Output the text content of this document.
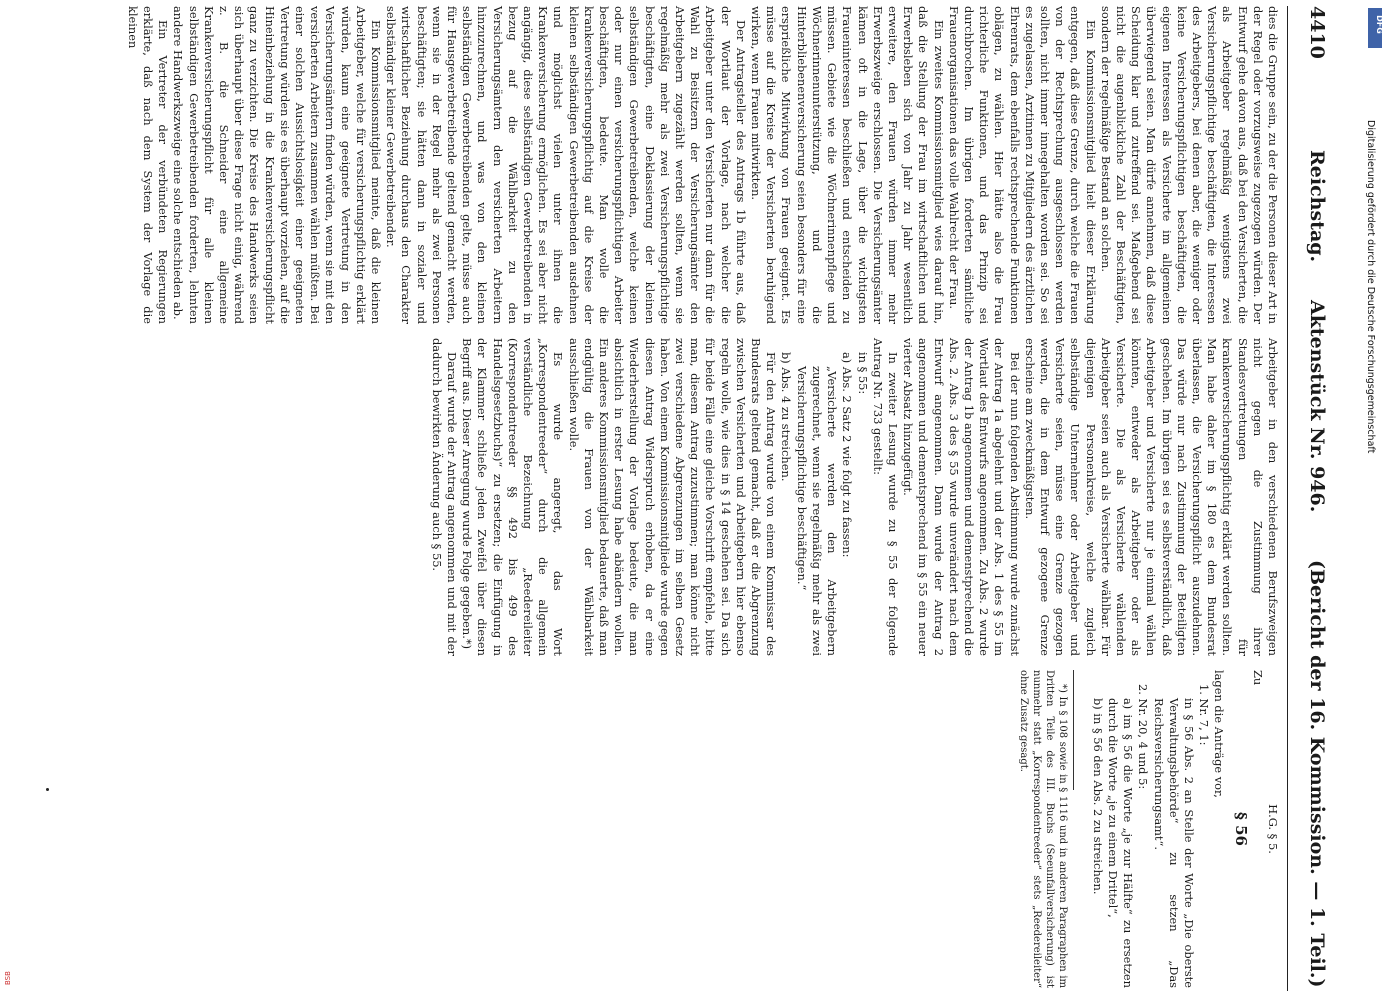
4410
Reichstag.
Aktenstück Nr. 946.
(Bericht der 16. Kommission. — 1. Teil.)

dies die Gruppe sein, zu der die Personen dieser Art in der Regel oder vorzugsweise zugezogen würden. Der Entwurf gehe davon aus, daß bei den Versicherten, die als Arbeitgeber regelmäßig wenigstens zwei Versicherungspflichtige beschäftigten, die Interessen des Arbeitgebers, bei denen aber, die weniger oder keine Versicherungspflichtigen beschäftigten, die eigenen Interessen als Versicherte im allgemeinen überwiegend seien. Man dürfe annehmen, daß diese Scheidung klar und zutreffend sei. Maßgebend sei nicht die augenblickliche Zahl der Beschäftigten, sondern der regelmäßige Bestand an solchen.

Ein Kommissionsmitglied hielt dieser Erklärung entgegen, daß diese Grenze, durch welche die Frauen von der Rechtsprechung ausgeschlossen werden sollten, nicht immer innegehalten worden sei. So sei es zugelassen, Arztinnen zu Mitgliedern des ärztlichen Ehrenrats, dem ebenfalls rechtsprechende Funktionen oblägen, zu wählen. Hier hätte also die Frau richterliche Funktionen, und das Prinzip sei durchbrochen. Im übrigen forderten sämtliche Frauenorganisationen das volle Wahlrecht der Frau.

Ein zweites Kommissionsmitglied wies darauf hin, daß die Stellung der Frau im wirtschaftlichen und Erwerbsleben sich von Jahr zu Jahr wesentlich erweitere, den Frauen würden immer mehr Erwerbszweige erschlossen. Die Versicherungsämter kämen oft in die Lage, über die wichtigsten Fraueninteressen beschließen und entscheiden zu müssen. Gebiete wie die Wöchnerinnenpflege und Wöchnerinnenunterstützung, und die Hinterbliebenenversicherung seien besonders für eine ersprießliche Mitwirkung von Frauen geeignet. Es müsse auf die Kreise der Versicherten beruhigend wirken, wenn Frauen mitwirkten.

Der Antragsteller des Antrags 1b führte aus, daß der Wortlaut der Vorlage, nach welcher die Arbeitgeber unter den Versicherten nur dann für die Wahl zu Beisitzern der Versicherungsämter den Arbeitgebern zugezählt werden sollten, wenn sie regelmäßig mehr als zwei Versicherungspflichtige beschäftigten, eine Deklassierung der kleinen selbständigen Gewerbetreibenden, welche keinen oder nur einen versicherungspflichtigen Arbeiter beschäftigten, bedeute. Man wolle die krankenversicherungspflichtig auf die Kreise der kleinen selbständigen Gewerbetreibenden ausdehnen und möglichst vielen unter ihnen die Krankenversicherung ermöglichen. Es sei aber nicht angängig, diese selbständigen Gewerbetreibenden in bezug auf die Wählbarkeit zu den Versicherungsämtern den versicherten Arbeitern hinzuzurechnen, und was von den kleinen selbständigen Gewerbetreibenden gelte, müsse auch für Hausgewerbetreibende geltend gemacht werden, wenn sie in der Regel mehr als zwei Personen beschäftigten; sie hätten dann in sozialer und wirtschaftlicher Beziehung durchaus den Charakter selbständiger kleiner Gewerbetreibender.

Ein Kommissionsmitglied meinte, daß die kleinen Arbeitgeber, welche für versicherungspflichtig erklärt würden, kaum eine geeignete Vertretung in den Versicherungsämtern finden würden, wenn sie mit den versicherten Arbeitern zusammen wählen müßten. Bei einer solchen Aussichtslosigkeit einer geeigneten Vertretung würden sie es überhaupt vorziehen, auf die Hineinbeziehung in die Krankenversicherungspflicht ganz zu verzichten. Die Kreise des Handwerks seien sich überhaupt über diese Frage nicht einig, während z. B. die Schneider eine allgemeine Krankenversicherungspflicht für alle kleinen selbständigen Gewerbetreibenden forderten, lehnten andere Handwerkszweige eine solche entschieden ab.

Ein Vertreter der verbündeten Regierungen erklärte, daß nach dem System der Vorlage die kleinen

Arbeitgeber in den verschiedenen Berufszweigen nicht gegen die Zustimmung ihrer Standesvertretungen für krankenversicherungspflichtig erklärt werden sollten. Man habe daher im § 180 es dem Bundesrat überlassen, die Versicherungspflicht auszudehnen. Das würde nur nach Zustimmung der Beteiligten geschehen. Im übrigen sei es selbstverständlich, daß Arbeitgeber und Versicherte nur je einmal wählen könnten, entweder als Arbeitgeber oder als Versicherte. Die als Versicherte wählenden Arbeitgeber seien auch als Versicherte wählbar. Für diejenigen Personenkreise, welche zugleich selbständige Unternehmer oder Arbeitgeber und Versicherte seien, müsse eine Grenze gezogen werden, die in dem Entwurf gezogene Grenze erscheine am zweckmäßigsten.

Bei der nun folgenden Abstimmung wurde zunächst der Antrag 1a abgelehnt und der Abs. 1 des § 55 im Wortlaut des Entwurfs angenommen. Zu Abs. 2 wurde der Antrag 1b angenommen und demenstprechend die Abs. 2. Abs. 3 des § 55 wurde unverändert nach dem Entwurf angenommen. Dann wurde der Antrag 2 angenommen und dementsprechend im § 55 ein neuer vierter Absatz hinzugefügt.

In zweiter Lesung wurde zu § 55 der folgende Antrag Nr. 733 gestellt:

in § 55:

a) Abs. 2 Satz 2 wie folgt zu fassen:

„Versicherte werden den Arbeitgebern zugerechnet, wenn sie regelmäßig mehr als zwei Versicherungspflichtige beschäftigen.“

b) Abs. 4 zu streichen.

Für den Antrag wurde von einem Kommissar des Bundesrats geltend gemacht, daß er die Abgrenzung zwischen Versicherten und Arbeitgebern hier ebenso regeln wolle, wie dies in § 14 geschehen sei. Da sich für beide Fälle eine gleiche Vorschrift empfehle, bitte man, diesem Antrag zuzustimmen; man könne nicht zwei verschiedene Abgrenzungen im selben Gesetz haben. Von einem Kommissionsmitgliede wurde gegen diesen Antrag Widerspruch erhoben, da er eine Wiederherstellung der Vorlage bedeute, die man absichtlich in erster Lesung habe abändern wollen. Ein anderes Kommissionsmitglied bedauerte, daß man endgültig die Frauen von der Wählbarkeit ausschließen wolle.

Es wurde angeregt, das Wort „Korrespondentreeder“ durch die allgemein verständliche Bezeichnung „Reedereileiter (Korrespondentreeder §§ 492 bis 499 des Handelsgesetzbuchs)“ zu ersetzen; die Einfügung in der Klammer schließe jeden Zweifel über diesen Begriff aus. Dieser Anregung wurde Folge gegeben.*)

Darauf wurde der Antrag angenommen und mit der dadurch bewirkten Änderung auch § 55.

H.G. § 5.

Zu

§ 56

lagen die Anträge vor,

1. Nr. 7, 1:

in § 56 Abs. 2 an Stelle der Worte „Die oberste Verwaltungsbehörde“ zu setzen „Das Reichsversicherungsamt“.

2. Nr. 20, 4 und 5:

a) im § 56 die Worte „je zur Hälfte“ zu ersetzen durch die Worte „je zu einem Drittel“,

b) in § 56 den Abs. 2 zu streichen.

*) In § 108 sowie in § 1116 und in anderen Paragraphen im Dritten Teile des III. Buchs (Seeunfallversicherung) ist nunmehr statt „Korrespondentreeder“ stets „Reedereileiter“ ohne Zusatz gesagt.

DFG
Digitalisierung gefördert durch die Deutsche Forschungsgemeinschaft
BSB
